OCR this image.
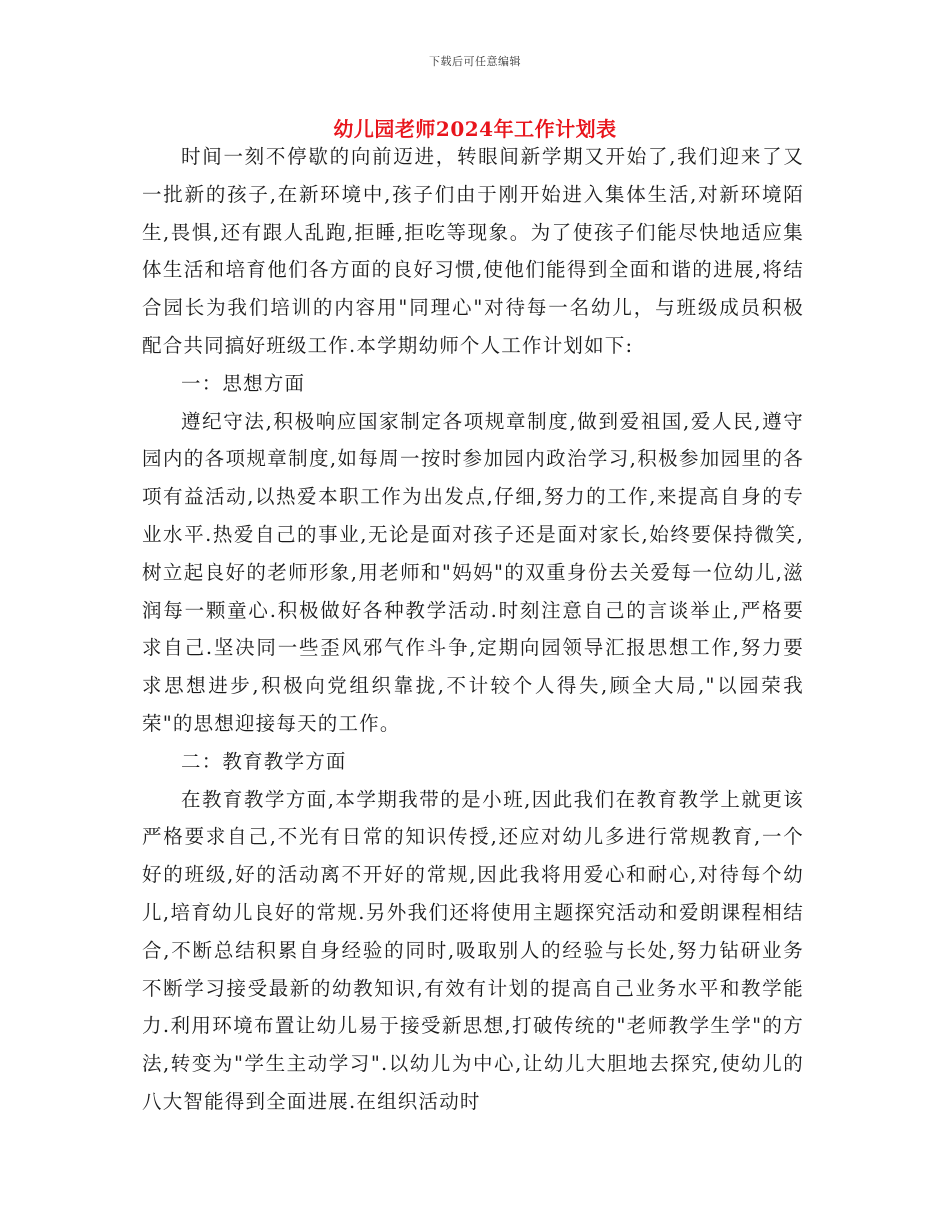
下载后可任意编辑
幼儿园老师2024年工作计划表

时间一刻不停歇的向前迈进，转眼间新学期又开始了,我们迎来了又一批新的孩子,在新环境中,孩子们由于刚开始进入集体生活,对新环境陌生,畏惧,还有跟人乱跑,拒睡,拒吃等现象。为了使孩子们能尽快地适应集体生活和培育他们各方面的良好习惯,使他们能得到全面和谐的进展,将结合园长为我们培训的内容用"同理心"对待每一名幼儿，与班级成员积极配合共同搞好班级工作.本学期幼师个人工作计划如下:

一：思想方面

遵纪守法,积极响应国家制定各项规章制度,做到爱祖国,爱人民,遵守园内的各项规章制度,如每周一按时参加园内政治学习,积极参加园里的各项有益活动,以热爱本职工作为出发点,仔细,努力的工作,来提高自身的专业水平.热爱自己的事业,无论是面对孩子还是面对家长,始终要保持微笑,树立起良好的老师形象,用老师和"妈妈"的双重身份去关爱每一位幼儿,滋润每一颗童心.积极做好各种教学活动.时刻注意自己的言谈举止,严格要求自己.坚决同一些歪风邪气作斗争,定期向园领导汇报思想工作,努力要求思想进步,积极向党组织靠拢,不计较个人得失,顾全大局,"以园荣我荣"的思想迎接每天的工作。

二：教育教学方面

在教育教学方面,本学期我带的是小班,因此我们在教育教学上就更该严格要求自己,不光有日常的知识传授,还应对幼儿多进行常规教育,一个好的班级,好的活动离不开好的常规,因此我将用爱心和耐心,对待每个幼儿,培育幼儿良好的常规.另外我们还将使用主题探究活动和爱朗课程相结合,不断总结积累自身经验的同时,吸取别人的经验与长处,努力钻研业务不断学习接受最新的幼教知识,有效有计划的提高自己业务水平和教学能力.利用环境布置让幼儿易于接受新思想,打破传统的"老师教学生学"的方法,转变为"学生主动学习".以幼儿为中心,让幼儿大胆地去探究,使幼儿的八大智能得到全面进展.在组织活动时
